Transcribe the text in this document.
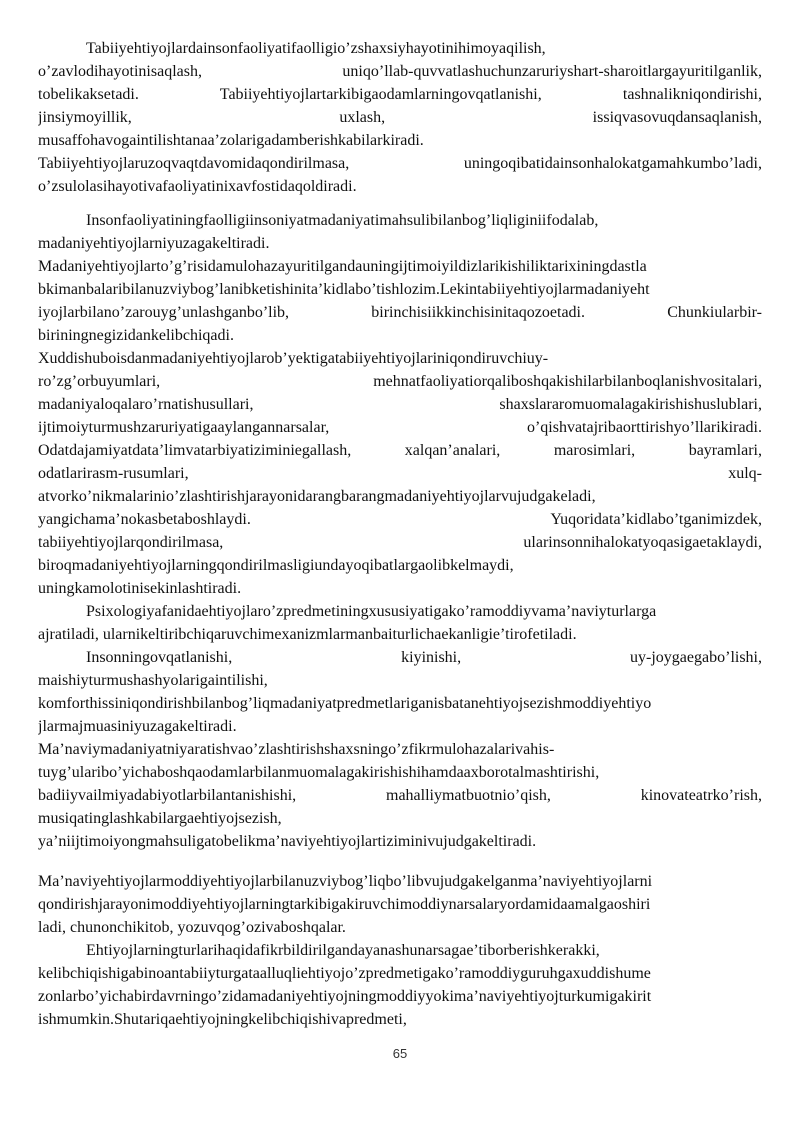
Tabiiyehtiyojlardainsonfaoliyatifaolligio’zshaxsiyhayotinihimoyaqilish,
o’zavlodihayotinisaqlash, uniqo’llab-quvvatlashuchunzaruriyshart-sharoitlargayuritilganlik,
tobelikaksetadi. Tabiiyehtiyojlartarkibigaodamlarningovqatlanishi, tashnalikniqondirishi,
jinsiymoyillik, uxlash, issiqvasovuqdansaqlanish,
musaffohavogaintilishtanaa’zolarigadamberishkabilarkiradi.
Tabiiyehtiyojlaruzoqvaqtdavomidaqondirilmasa, uningoqibatidainsonhalokatgamahkumbo’ladi,
o’zsulolasihayotivafaoliyatinixavfostidaqoldiradi.
Insonfaoliyatiningfaolligiinsoniyatmadaniyatimahsulibilanbog’liqliginiifodalab,
madaniyehtiyojlarniyuzagakeltiradi.
Madaniyehtiyojlarto’g’risidamulohazayuritilgandauningijtimoiyildizlarikishiliktarixiningdastla
bkimanbalaribilanuzviybog’lanibketishinita’kidlabo’tishlozim.Lekintabiiyehtiyojlarmadaniyeht
iyojlarbilano’zarouyg’unlashganbo’lib, birinchisiikkinchisinitaqozoetadi. Chunkiularbir-
biriningnegizidankelibchiqadi.
Xuddishuboisdanmadaniyehtiyojlarob’yektigatabiiyehtiyojlariniqondiruvchiuy-
ro’zg’orbuyumlari, mehnatfaoliyatiorqaliboshqakishilarbilanboqlanishvositalari,
madaniyaloqalaro’rnatishusullari, shaxslararomuomalagakirishishuslublari,
ijtimoiyturmushzaruriyatigaaylangannarsalar, o’qishvatajribaorttirishyo’llarikiradi.
Odatdajamiyatdata’limvatarbiyatiziminiegallash, xalqan’analari, marosimlari, bayramlari,
odatlarirasm-rusumlari, xulq-
atvorko’nikmalarinio’zlashtirishjarayonidarangbarangmadaniyehtiyojlarvujudgakeladi,
yangichama’nokasbetaboshlaydi. Yuqoridata’kidlabo’tganimizdek,
tabiiyehtiyojlarqondirilmasa, ularinsonnihalokatyoqasigaetaklaydi,
biroqmadaniyehtiyojlarningqondirilmasligiundayoqibatlargaolibkelmaydi,
uningkamolotinisekinlashtiradi.
Psixologiyafanidaehtiyojlaro’zpredmetiningxususiyatigako’ramoddiyvama’naviyturlarga
ajratiladi, ularnikeltiribchiqaruvchimexanizmlarmanbaiturlichaekanligie’tirofetiladi.
Insonningovqatlanishi, kiyinishi, uy-joygaegabo’lishi,
maishiyturmushashyolarigaintilishi,
komforthissiniqondirishbilanbog’liqmadaniyatpredmetlariganisbatanehtiyojsezishmoddiyehtiyo
jlarmajmuasiniyuzagakeltiradi.
Ma’naviymadaniyatniyaratishvao’zlashtirishshaxsningo’zfikrmulohazalarivahis-
tuyg’ularibo’yichaboshqaodamlarbilanmuomalagakirishishihamdaaxborotalmashtirishi,
badiiyvailmiyadabiyotlarbilantanishishi, mahalliymatbuotnio’qish, kinovateatrko’rish,
musiqatinglashkabilargaehtiyojsezish,
ya’niijtimoiyongmahsuligatobelikma’naviyehtiyojlartiziminivujudgakeltiradi.
Ma’naviyehtiyojlarmoddiyehtiyojlarbilanuzviybog’liqbo’libvujudgakelganma’naviyehtiyojlarni
qondirishjarayonimoddiyehtiyojlarningtarkibigakiruvchimoddiynarsalaryordamidaamalgaoshiri
ladi, chunonchikitob, yozuvqog’ozivaboshqalar.
Ehtiyojlarningturlarihaqidafikrbildirilgandayanashunarsagae’tiborberishkerakki,
kelibchiqishigabinoantabiiyturgataalluqliehtiyojo’zpredmetigako’ramoddiyguruhgaxuddishume
zonlarbo’yichabirdavrningo’zidamadaniyehtiyojningmoddiyyokima’naviyehtiyojturkumigakirit
ishmumkin.Shutariqaehtiyojningkelibchiqishivapredmeti,
65
